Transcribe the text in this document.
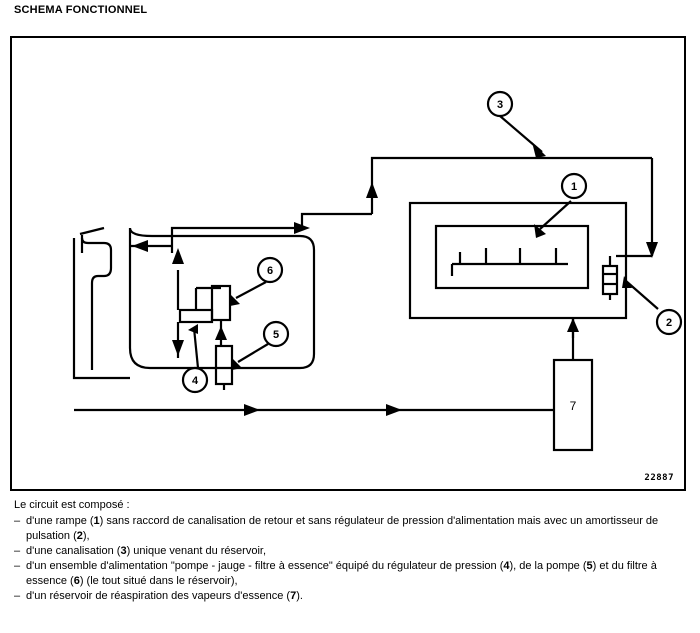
SCHEMA FONCTIONNEL
3
1
2
6
5
4
7
22887

Le circuit est composé :

– d'une rampe (1) sans raccord de canalisation de retour et sans régulateur de pression d'alimentation mais avec un amortisseur de pulsation (2),
– d'une canalisation (3) unique venant du réservoir,
– d'un ensemble d'alimentation "pompe - jauge - filtre à essence" équipé du régulateur de pression (4), de la pompe (5) et du filtre à essence (6) (le tout situé dans le réservoir),
– d'un réservoir de réaspiration des vapeurs d'essence (7).
